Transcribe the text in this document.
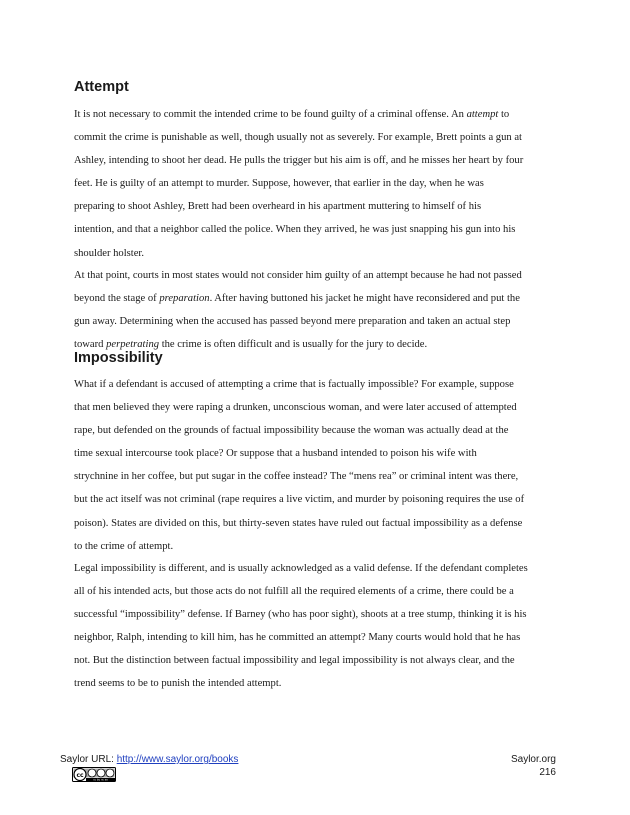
Attempt
It is not necessary to commit the intended crime to be found guilty of a criminal offense. An attempt to
commit the crime is punishable as well, though usually not as severely. For example, Brett points a gun at
Ashley, intending to shoot her dead. He pulls the trigger but his aim is off, and he misses her heart by four
feet. He is guilty of an attempt to murder. Suppose, however, that earlier in the day, when he was
preparing to shoot Ashley, Brett had been overheard in his apartment muttering to himself of his
intention, and that a neighbor called the police. When they arrived, he was just snapping his gun into his
shoulder holster.
At that point, courts in most states would not consider him guilty of an attempt because he had not passed
beyond the stage of preparation. After having buttoned his jacket he might have reconsidered and put the
gun away. Determining when the accused has passed beyond mere preparation and taken an actual step
toward perpetrating the crime is often difficult and is usually for the jury to decide.
Impossibility
What if a defendant is accused of attempting a crime that is factually impossible? For example, suppose
that men believed they were raping a drunken, unconscious woman, and were later accused of attempted
rape, but defended on the grounds of factual impossibility because the woman was actually dead at the
time sexual intercourse took place? Or suppose that a husband intended to poison his wife with
strychnine in her coffee, but put sugar in the coffee instead? The “mens rea” or criminal intent was there,
but the act itself was not criminal (rape requires a live victim, and murder by poisoning requires the use of
poison). States are divided on this, but thirty-seven states have ruled out factual impossibility as a defense
to the crime of attempt.
Legal impossibility is different, and is usually acknowledged as a valid defense. If the defendant completes
all of his intended acts, but those acts do not fulfill all the required elements of a crime, there could be a
successful “impossibility” defense. If Barney (who has poor sight), shoots at a tree stump, thinking it is his
neighbor, Ralph, intending to kill him, has he committed an attempt? Many courts would hold that he has
not. But the distinction between factual impossibility and legal impossibility is not always clear, and the
trend seems to be to punish the intended attempt.
Saylor URL: http://www.saylor.org/books	Saylor.org
216
cc
cc by nc sa
